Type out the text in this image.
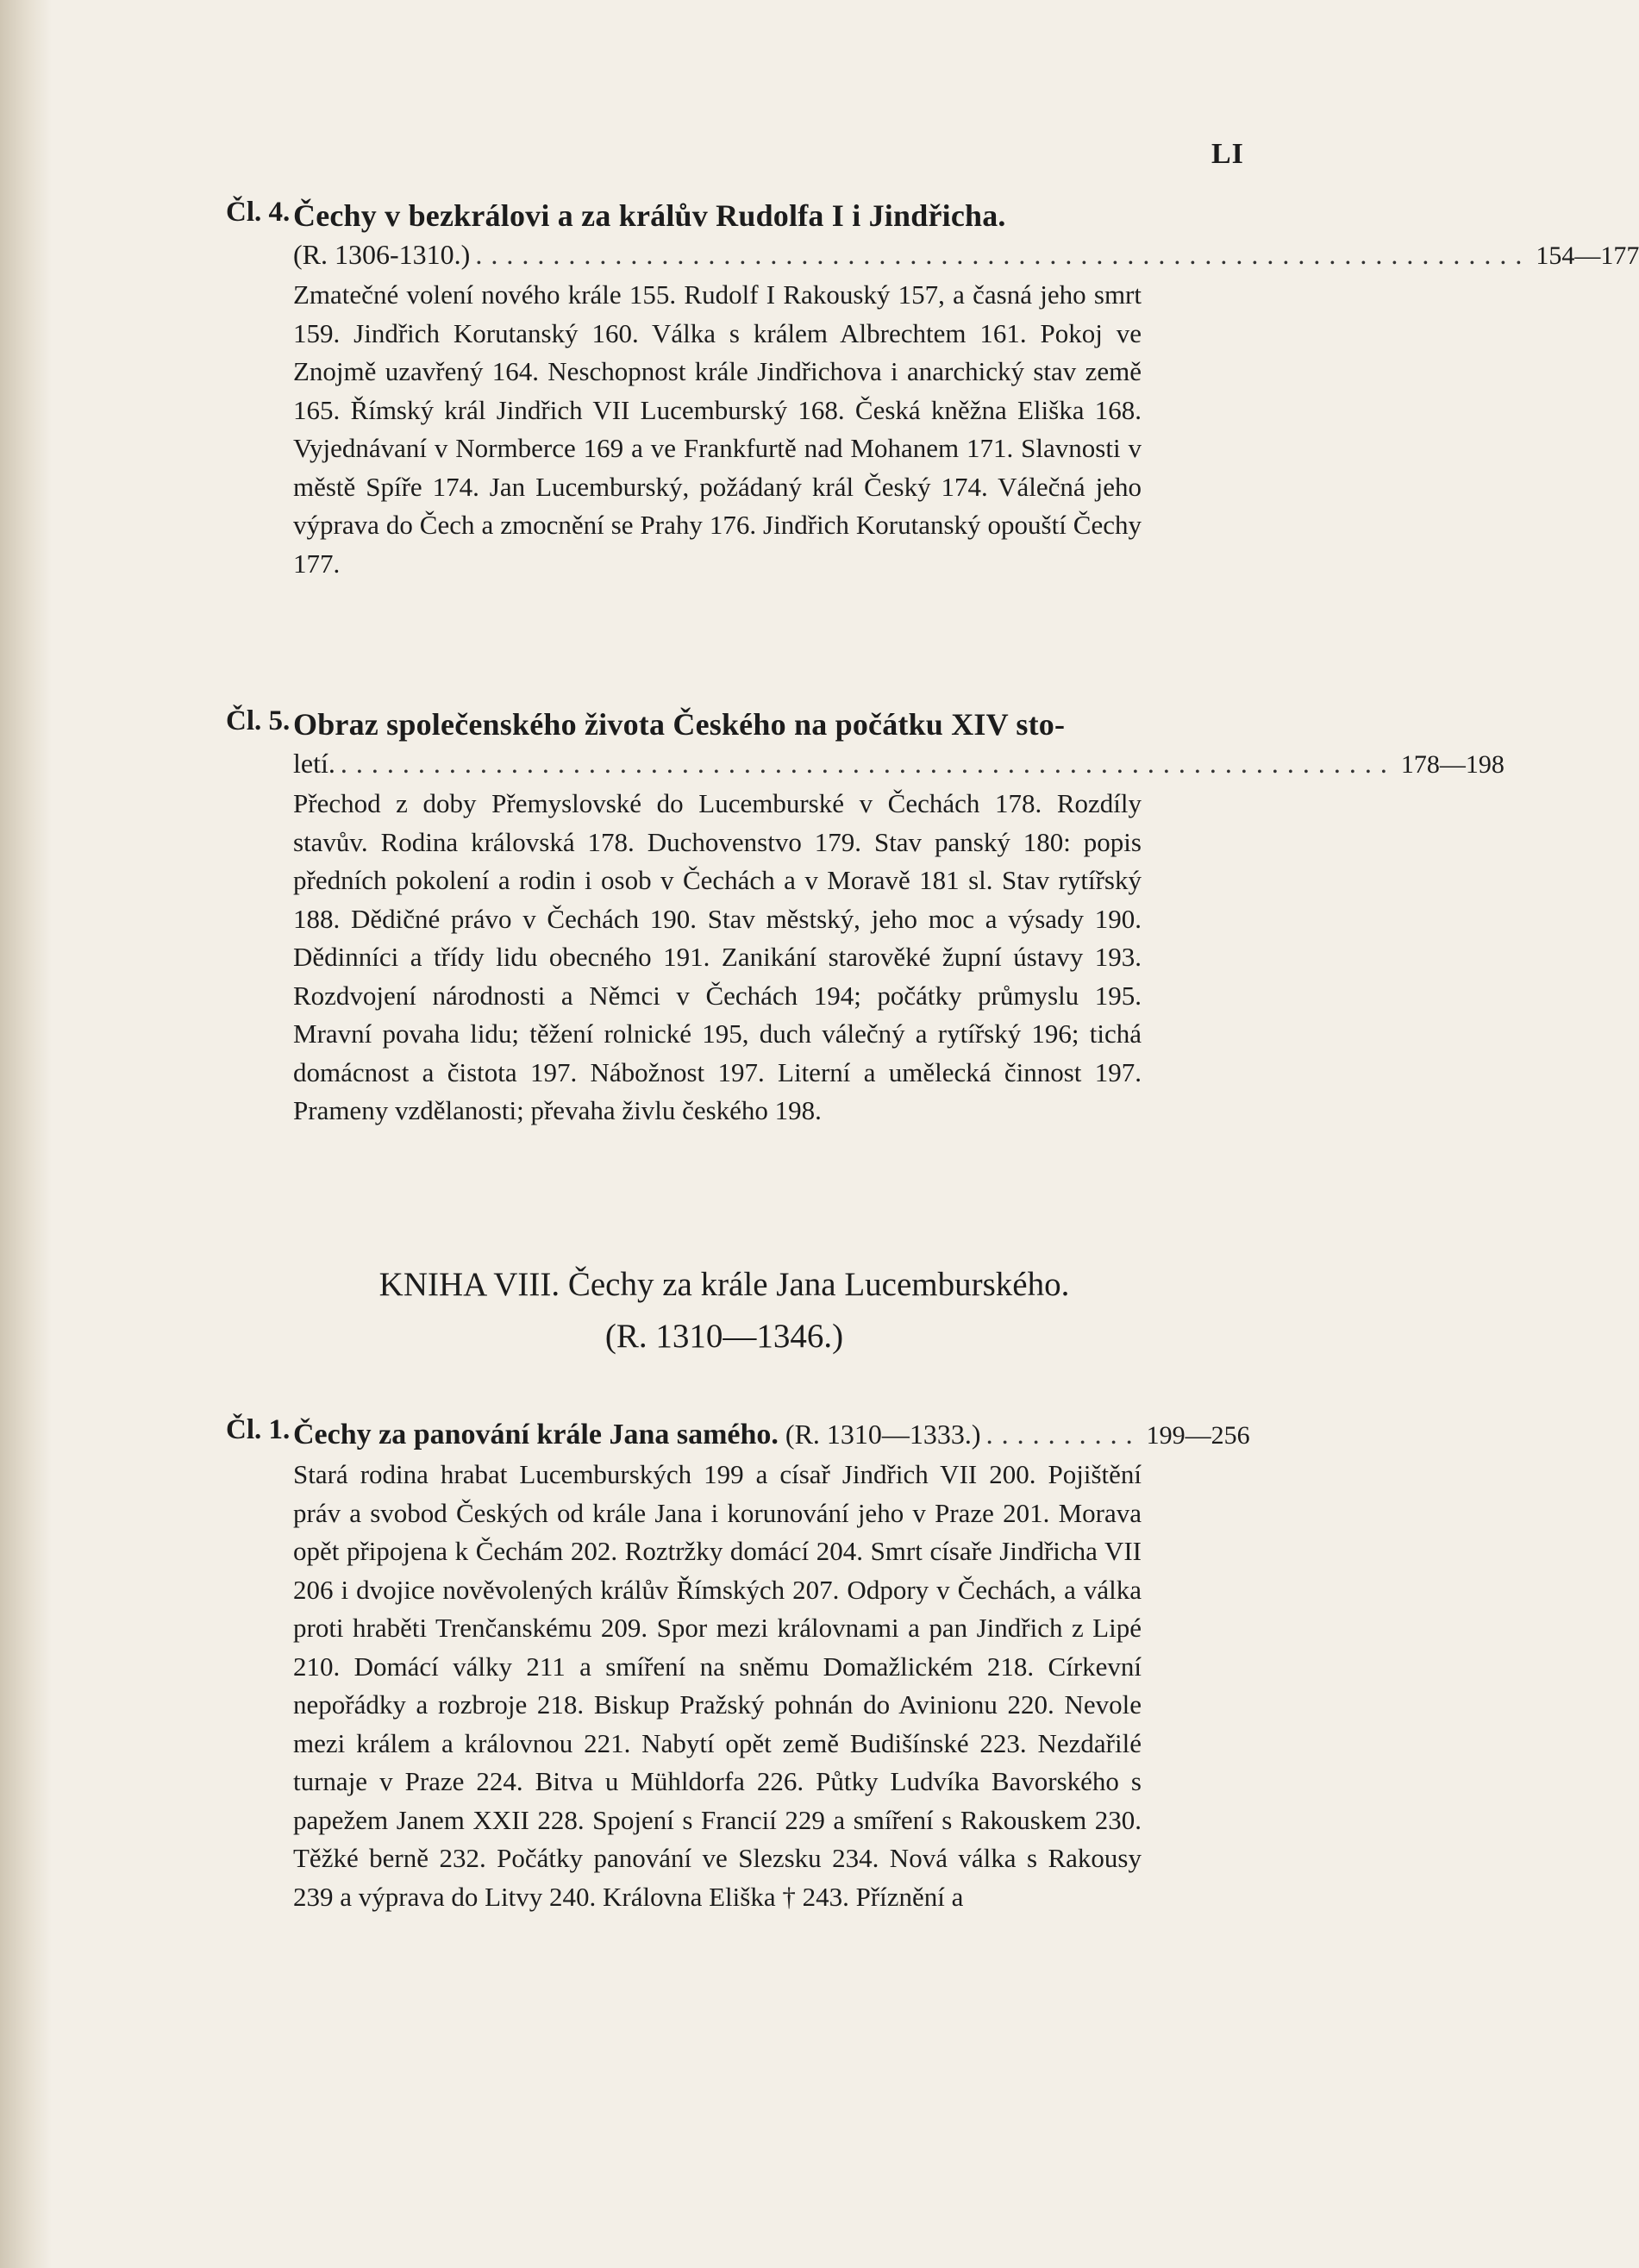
LI
Čl. 4. Čechy v bezkrálovi a za králův Rudolfa I i Jindřicha.
(R. 1306-1310.) .................................................................... 154—177
Zmatečné volení nového krále 155. Rudolf I Rakouský 157, a časná jeho smrt 159. Jindřich Korutanský 160. Válka s králem Albrechtem 161. Pokoj ve Znojmě uzavřený 164. Neschopnost krále Jindřichova i anarchický stav země 165. Římský král Jindřich VII Lucemburský 168. Česká kněžna Eliška 168. Vyjednávaní v Normberce 169 a ve Frankfurtě nad Mohanem 171. Slavnosti v městě Spíře 174. Jan Lucemburský, požádaný král Český 174. Válečná jeho výprava do Čech a zmocnění se Prahy 176. Jindřich Korutanský opouští Čechy 177.
Čl. 5. Obraz společenského života Českého na počátku XIV sto-
letí. .................................................................... 178—198
Přechod z doby Přemyslovské do Lucemburské v Čechách 178. Rozdíly stavův. Rodina královská 178. Duchovenstvo 179. Stav panský 180: popis předních pokolení a rodin i osob v Čechách a v Moravě 181 sl. Stav rytířský 188. Dědičné právo v Čechách 190. Stav městský, jeho moc a výsady 190. Dědinníci a třídy lidu obecného 191. Zanikání starověké župní ústavy 193. Rozdvojení národnosti a Němci v Čechách 194; počátky průmyslu 195. Mravní povaha lidu; těžení rolnické 195, duch válečný a rytířský 196; tichá domácnost a čistota 197. Nábožnost 197. Literní a umělecká činnost 197. Prameny vzdělanosti; převaha živlu českého 198.
KNIHA VIII. Čechy za krále Jana Lucemburského.
(R. 1310—1346.)
Čl. 1. Čechy za panování krále Jana samého. (R. 1310—1333.) .......... 199—256
Stará rodina hrabat Lucemburských 199 a císař Jindřich VII 200. Pojištění práv a svobod Českých od krále Jana i korunování jeho v Praze 201. Morava opět připojena k Čechám 202. Roztržky domácí 204. Smrt císaře Jindřicha VII 206 i dvojice nověvolených králův Římských 207. Odpory v Čechách, a válka proti hraběti Trenčanskému 209. Spor mezi královnami a pan Jindřich z Lipé 210. Domácí války 211 a smíření na sněmu Domažlickém 218. Církevní nepořádky a rozbroje 218. Biskup Pražský pohnán do Avinionu 220. Nevole mezi králem a královnou 221. Nabytí opět země Budišínské 223. Nezdařilé turnaje v Praze 224. Bitva u Mühldorfa 226. Půtky Ludvíka Bavorského s papežem Janem XXII 228. Spojení s Francií 229 a smíření s Rakouskem 230. Těžké berně 232. Počátky panování ve Slezsku 234. Nová válka s Rakousy 239 a výprava do Litvy 240. Královna Eliška † 243. Příznění a
